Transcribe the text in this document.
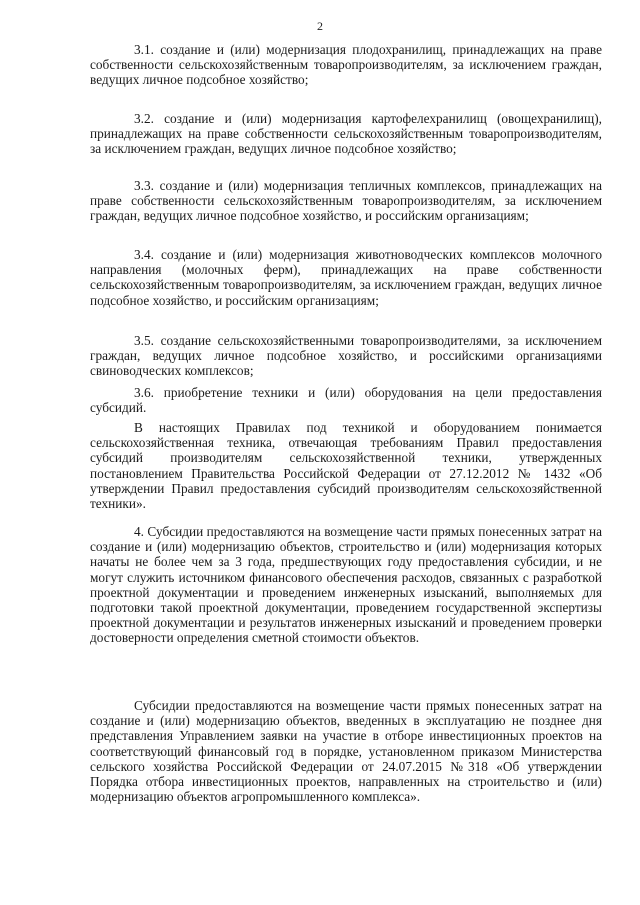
2

3.1. создание и (или) модернизация плодохранилищ, принадлежащих на праве собственности сельскохозяйственным товаропроизводителям, за исключением граждан, ведущих личное подсобное хозяйство;

3.2. создание и (или) модернизация картофелехранилищ (овощехранилищ), принадлежащих на праве собственности сельскохозяйственным товаропроизводителям, за исключением граждан, ведущих личное подсобное хозяйство;

3.3. создание и (или) модернизация тепличных комплексов, принадлежащих на праве собственности сельскохозяйственным товаропроизводителям, за исключением граждан, ведущих личное подсобное хозяйство, и российским организациям;

3.4. создание и (или) модернизация животноводческих комплексов молочного направления (молочных ферм), принадлежащих на праве собственности сельскохозяйственным товаропроизводителям, за исключением граждан, ведущих личное подсобное хозяйство, и российским организациям;

3.5. создание сельскохозяйственными товаропроизводителями, за исключением граждан, ведущих личное подсобное хозяйство, и российскими организациями свиноводческих комплексов;

3.6. приобретение техники и (или) оборудования на цели предоставления субсидий.

В настоящих Правилах под техникой и оборудованием понимается сельскохозяйственная техника, отвечающая требованиям Правил предоставления субсидий производителям сельскохозяйственной техники, утвержденных постановлением Правительства Российской Федерации от 27.12.2012 № 1432 «Об утверждении Правил предоставления субсидий производителям сельскохозяйственной техники».

4. Субсидии предоставляются на возмещение части прямых понесенных затрат на создание и (или) модернизацию объектов, строительство и (или) модернизация которых начаты не более чем за 3 года, предшествующих году предоставления субсидии, и не могут служить источником финансового обеспечения расходов, связанных с разработкой проектной документации и проведением инженерных изысканий, выполняемых для подготовки такой проектной документации, проведением государственной экспертизы проектной документации и результатов инженерных изысканий и проведением проверки достоверности определения сметной стоимости объектов.

Субсидии предоставляются на возмещение части прямых понесенных затрат на создание и (или) модернизацию объектов, введенных в эксплуатацию не позднее дня представления Управлением заявки на участие в отборе инвестиционных проектов на соответствующий финансовый год в порядке, установленном приказом Министерства сельского хозяйства Российской Федерации от 24.07.2015 №318 «Об утверждении Порядка отбора инвестиционных проектов, направленных на строительство и (или) модернизацию объектов агропромышленного комплекса».
